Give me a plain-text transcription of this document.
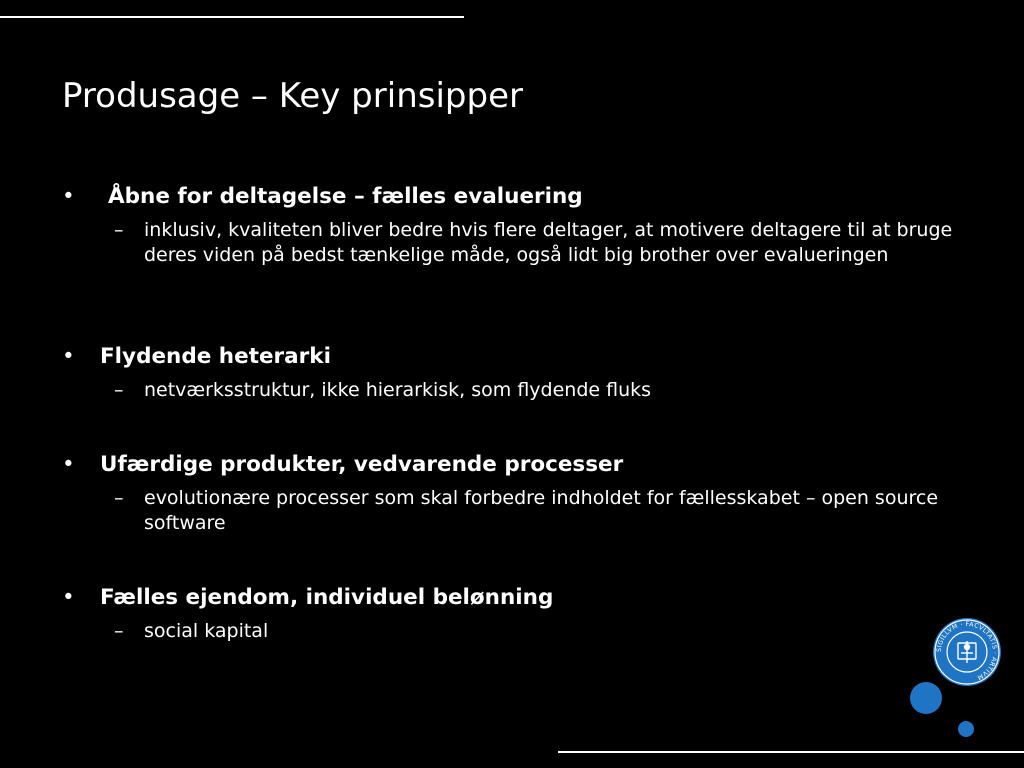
Produsage – Key prinsipper
• Åbne for deltagelse – fælles evaluering
– inklusiv, kvaliteten bliver bedre hvis flere deltager, at motivere deltagere til at bruge deres viden på bedst tænkelige måde, også lidt big brother over evalueringen
• Flydende heterarki
– netværksstruktur, ikke hierarkisk, som flydende fluks
• Ufærdige produkter, vedvarende processer
– evolutionære processer som skal forbedre indholdet for fællesskabet – open source software
• Fælles ejendom, individuel belønning
– social kapital
SIGILLVM · FACVLTATIS · ARTIVM
